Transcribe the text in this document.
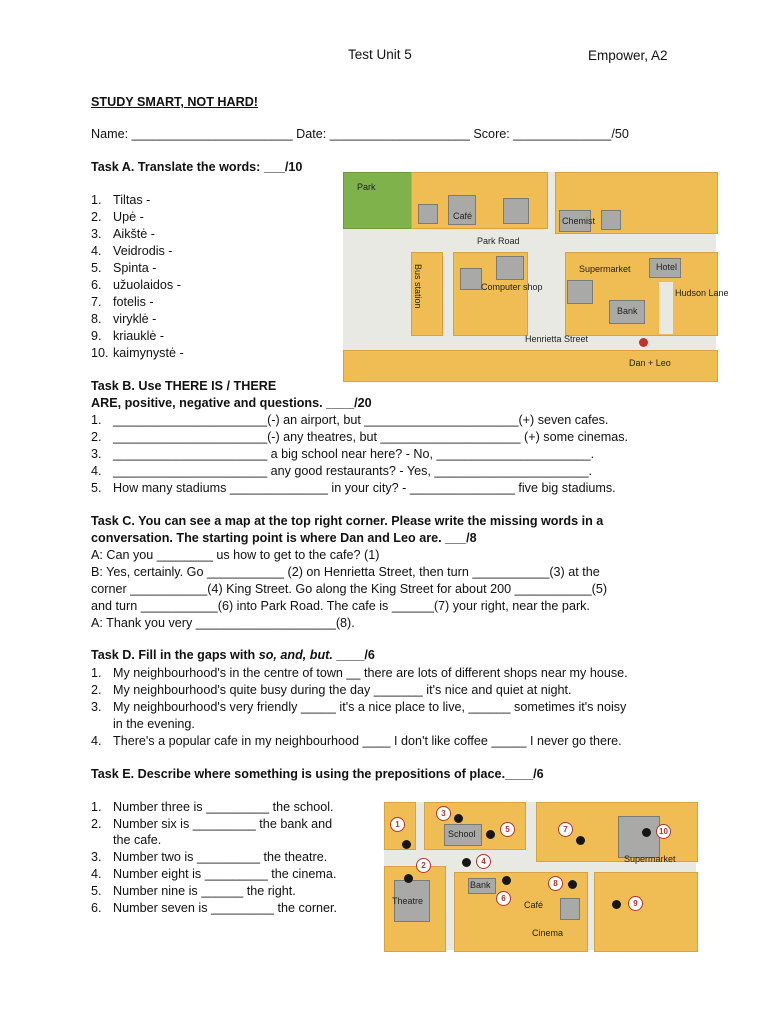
Test Unit 5	Empower, A2
STUDY SMART, NOT HARD!
Name: _______________________ Date: ____________________ Score: ______________/50
Task A. Translate the words: ___/10
1. Tiltas -
2. Upė -
3. Aikštė -
4. Veidrodis -
5. Spinta -
6. užuolaidos -
7. fotelis -
8. viryklė -
9. kriauklė -
10. kaimynystė -
Park
Café	Chemist
Park Road
Bus station	Computer shop
Supermarket	Hotel
Bank
Hudson Lane
Henrietta Street
Dan + Leo
Task B. Use THERE IS / THERE
ARE, positive, negative and questions. ____/20
1. ______________________(-) an airport, but ______________________(+) seven cafes.
2. ______________________(-) any theatres, but ____________________ (+) some cinemas.
3. ______________________ a big school near here? - No, ______________________.
4. ______________________ any good restaurants? - Yes, ______________________.
5. How many stadiums ______________ in your city? - _______________ five big stadiums.
Task C. You can see a map at the top right corner. Please write the missing words in a
conversation. The starting point is where Dan and Leo are. ___/8
A: Can you ________ us how to get to the cafe? (1)
B: Yes, certainly. Go ___________ (2) on Henrietta Street, then turn ___________(3) at the
corner ___________(4) King Street. Go along the King Street for about 200 ___________(5)
and turn ___________(6) into Park Road. The cafe is ______(7) your right, near the park.
A: Thank you very ____________________(8).
Task D. Fill in the gaps with so, and, but. ____/6
1. My neighbourhood's in the centre of town __ there are lots of different shops near my house.
2. My neighbourhood's quite busy during the day _______ it's nice and quiet at night.
3. My neighbourhood's very friendly _____ it's a nice place to live, ______ sometimes it's noisy
in the evening.
4. There's a popular cafe in my neighbourhood ____ I don't like coffee _____ I never go there.
Task E. Describe where something is using the prepositions of place.____/6
1. Number three is _________ the school.
2. Number six is _________ the bank and
the cafe.
3. Number two is _________ the theatre.
4. Number eight is _________ the cinema.
5. Number nine is ______ the right.
6. Number seven is _________ the corner.
School
Supermarket
Theatre
Bank
Café
Cinema
1
2
3
4
5
6
7
8
9
10
